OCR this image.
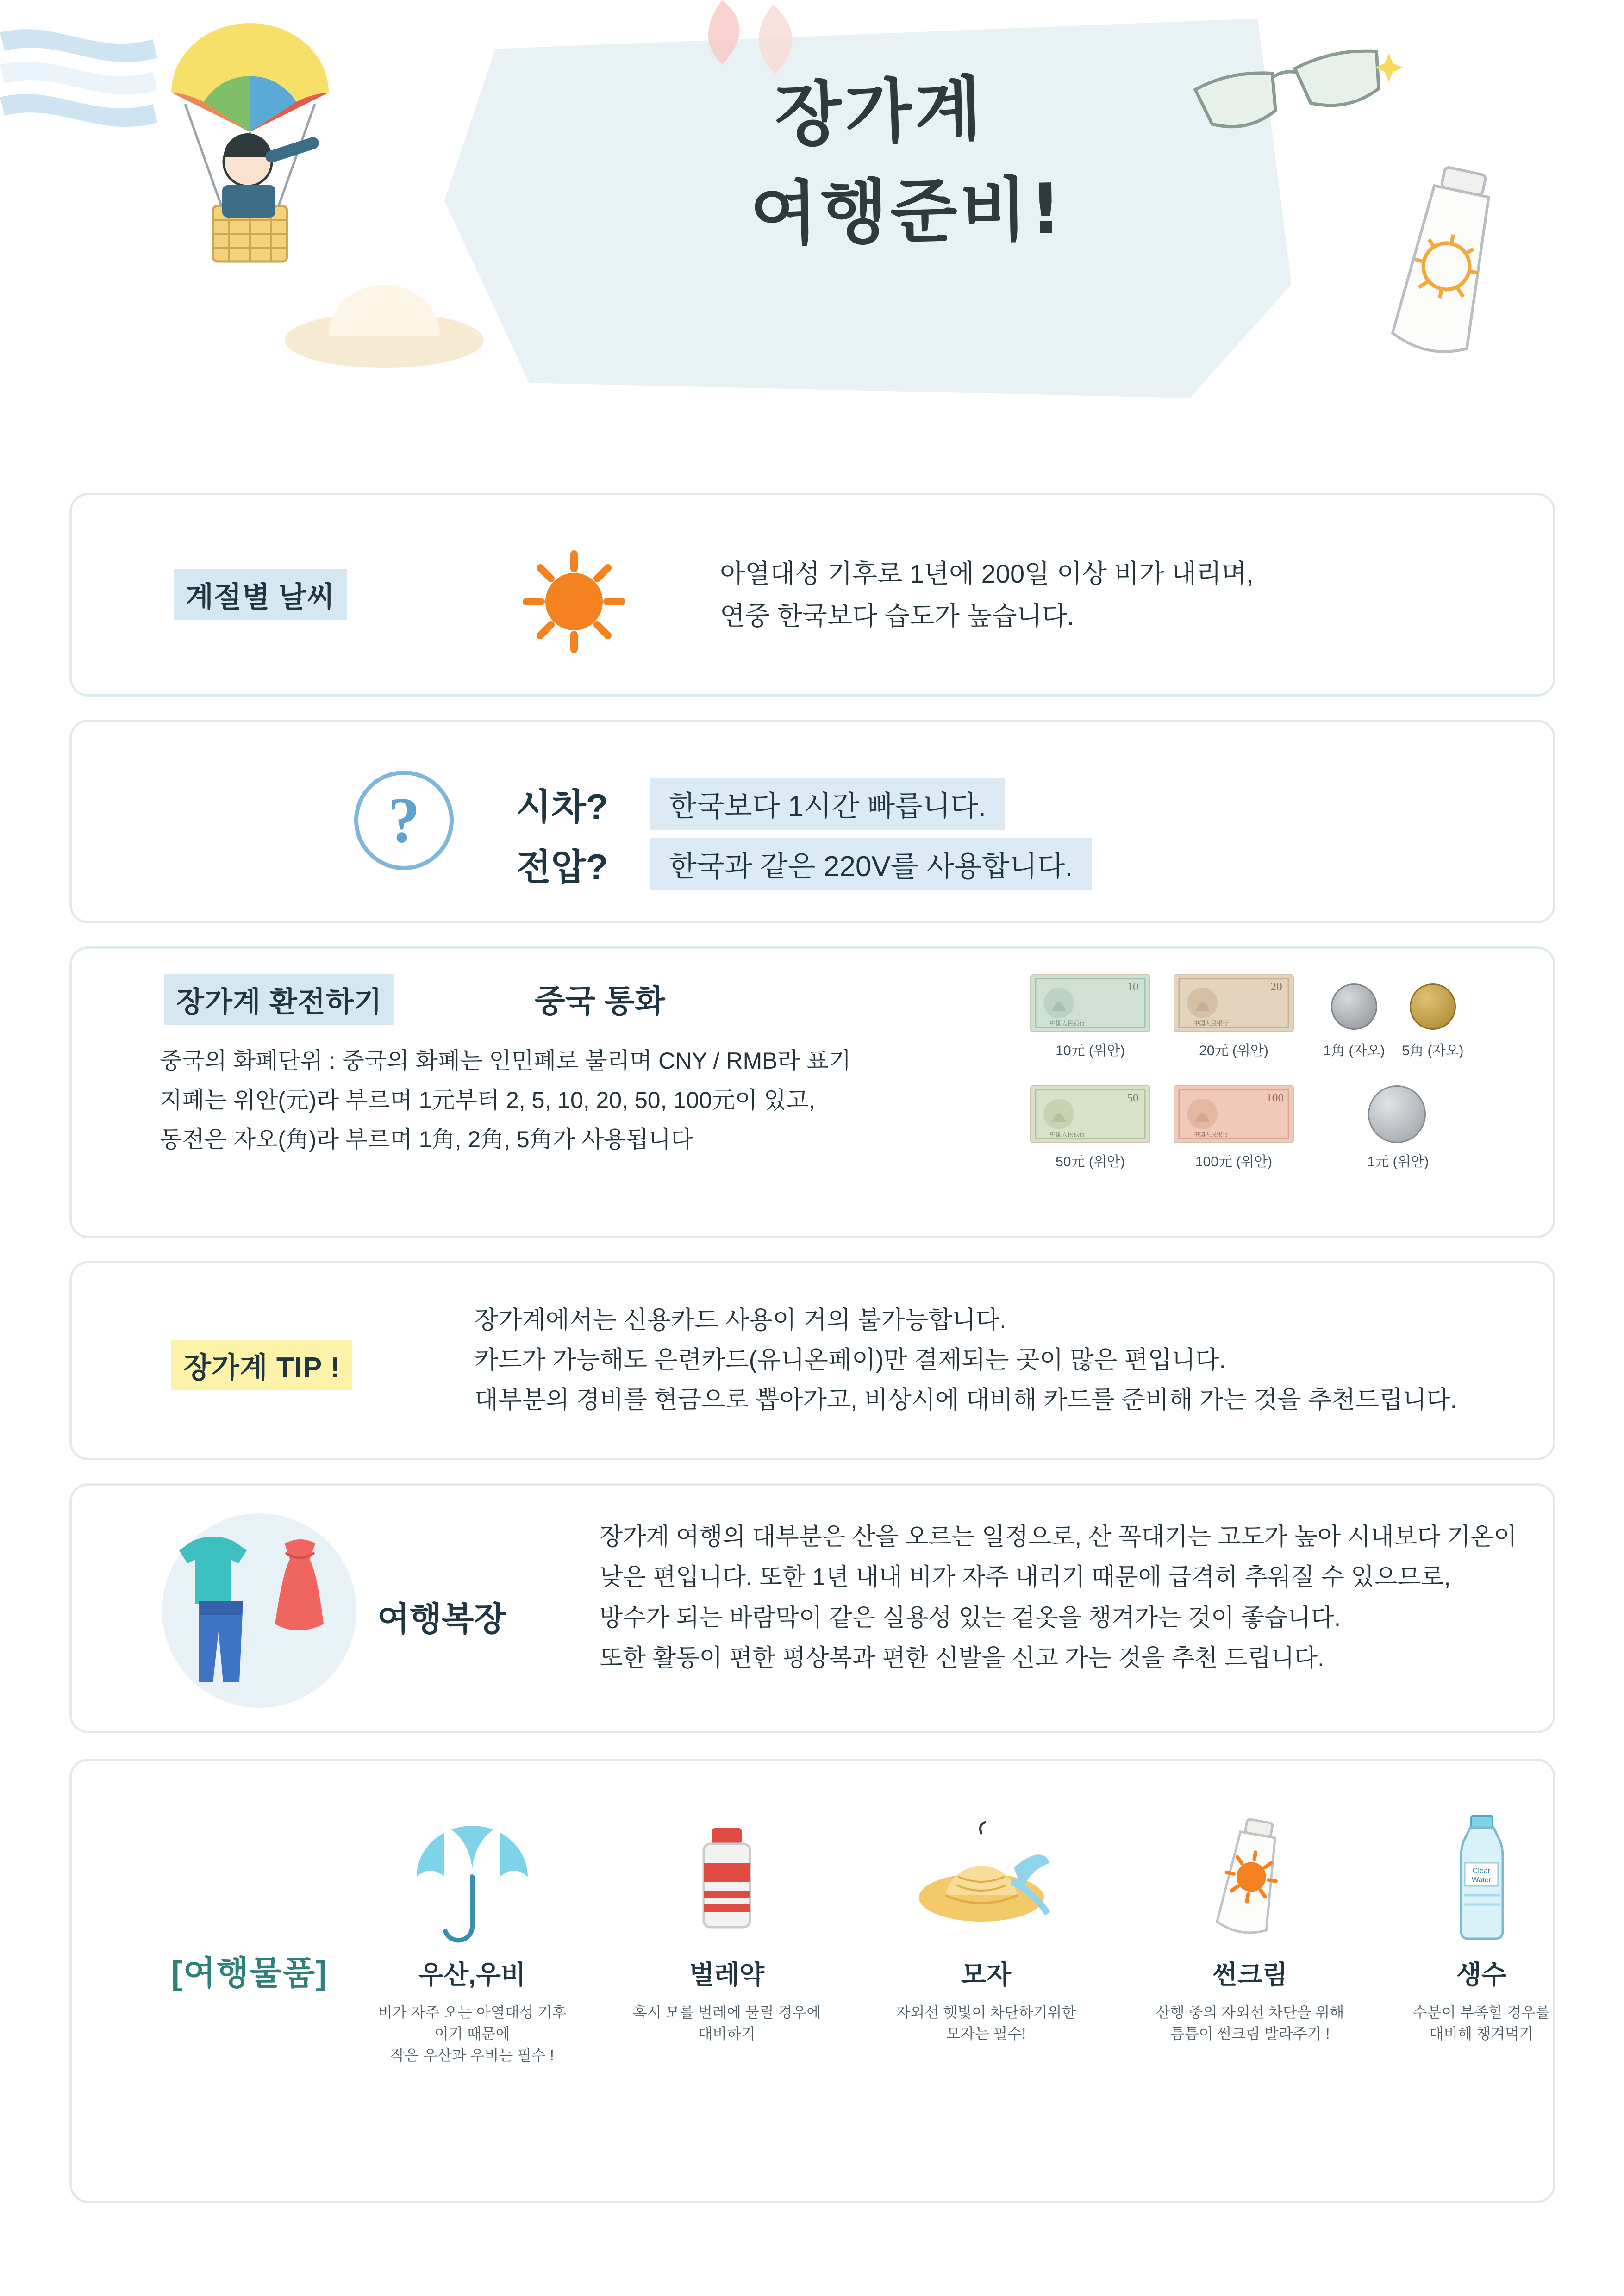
장가계
여행준비!
계절별 날씨
아열대성 기후로 1년에 200일 이상 비가 내리며,
연중 한국보다 습도가 높습니다.
?	시차?	한국보다 1시간 빠릅니다.
전압?	한국과 같은 220V를 사용합니다.
장가계 환전하기	중국 통화
중국의 화폐단위 : 중국의 화폐는 인민폐로 불리며 CNY / RMB라 표기
지폐는 위안(元)라 부르며 1元부터 2, 5, 10, 20, 50, 100元이 있고,
동전은 자오(角)라 부르며 1角, 2角, 5角가 사용됩니다
10
中国人民银行
10元 (위안)
20
中国人民银行
20元 (위안)
50
中国人民银行
50元 (위안)
100
中国人民银行
100元 (위안)
1角 (자오)	5角 (자오)
1元 (위안)
장가계 TIP !
장가계에서는 신용카드 사용이 거의 불가능합니다.
카드가 가능해도 은련카드(유니온페이)만 결제되는 곳이 많은 편입니다.
대부분의 경비를 현금으로 뽑아가고, 비상시에 대비해 카드를 준비해 가는 것을 추천드립니다.
여행복장
장가계 여행의 대부분은 산을 오르는 일정으로, 산 꼭대기는 고도가 높아 시내보다 기온이
낮은 편입니다. 또한 1년 내내 비가 자주 내리기 때문에 급격히 추워질 수 있으므로,
방수가 되는 바람막이 같은 실용성 있는 겉옷을 챙겨가는 것이 좋습니다.
또한 활동이 편한 평상복과 편한 신발을 신고 가는 것을 추천 드립니다.
[여행물품]	우산,우비
비가 자주 오는 아열대성 기후이기 때문에
작은 우산과 우비는 필수 !
벌레약
혹시 모를 벌레에 물릴 경우에 대비하기
모자
자외선 햇빛이 차단하기위한
모자는 필수!
썬크림
산행 중의 자외선 차단을 위해
틈틈이 썬크림 발라주기 !
Clear
Water
생수
수분이 부족할 경우를
대비해 챙겨먹기
